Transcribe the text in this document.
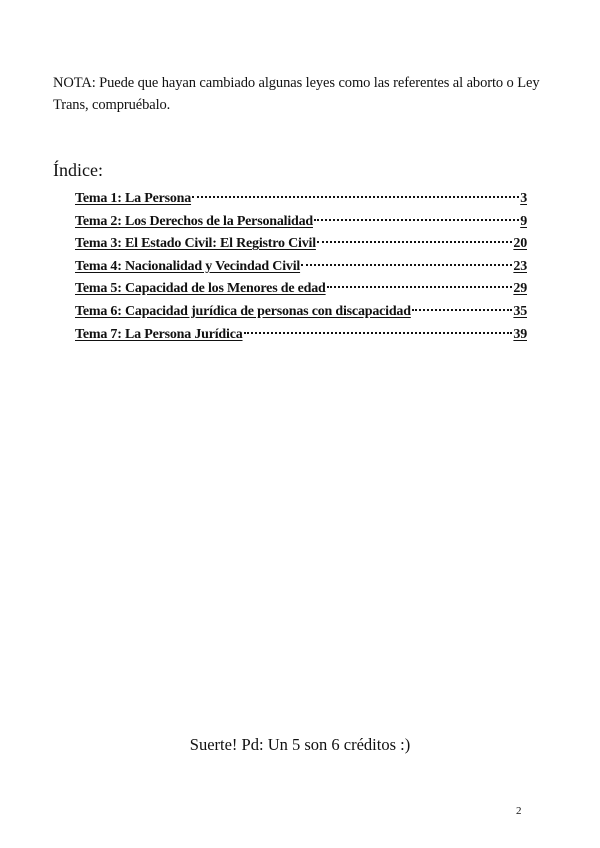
NOTA: Puede que hayan cambiado algunas leyes como las referentes al aborto o Ley Trans, compruébalo.
Índice:
Tema 1: La Persona	3
Tema 2: Los Derechos de la Personalidad	9
Tema 3: El Estado Civil: El Registro Civil	20
Tema 4: Nacionalidad y Vecindad Civil	23
Tema 5: Capacidad de los Menores de edad	29
Tema 6: Capacidad jurídica de personas con discapacidad	35
Tema 7: La Persona Jurídica	39
Suerte! Pd: Un 5 son 6 créditos :)
2
